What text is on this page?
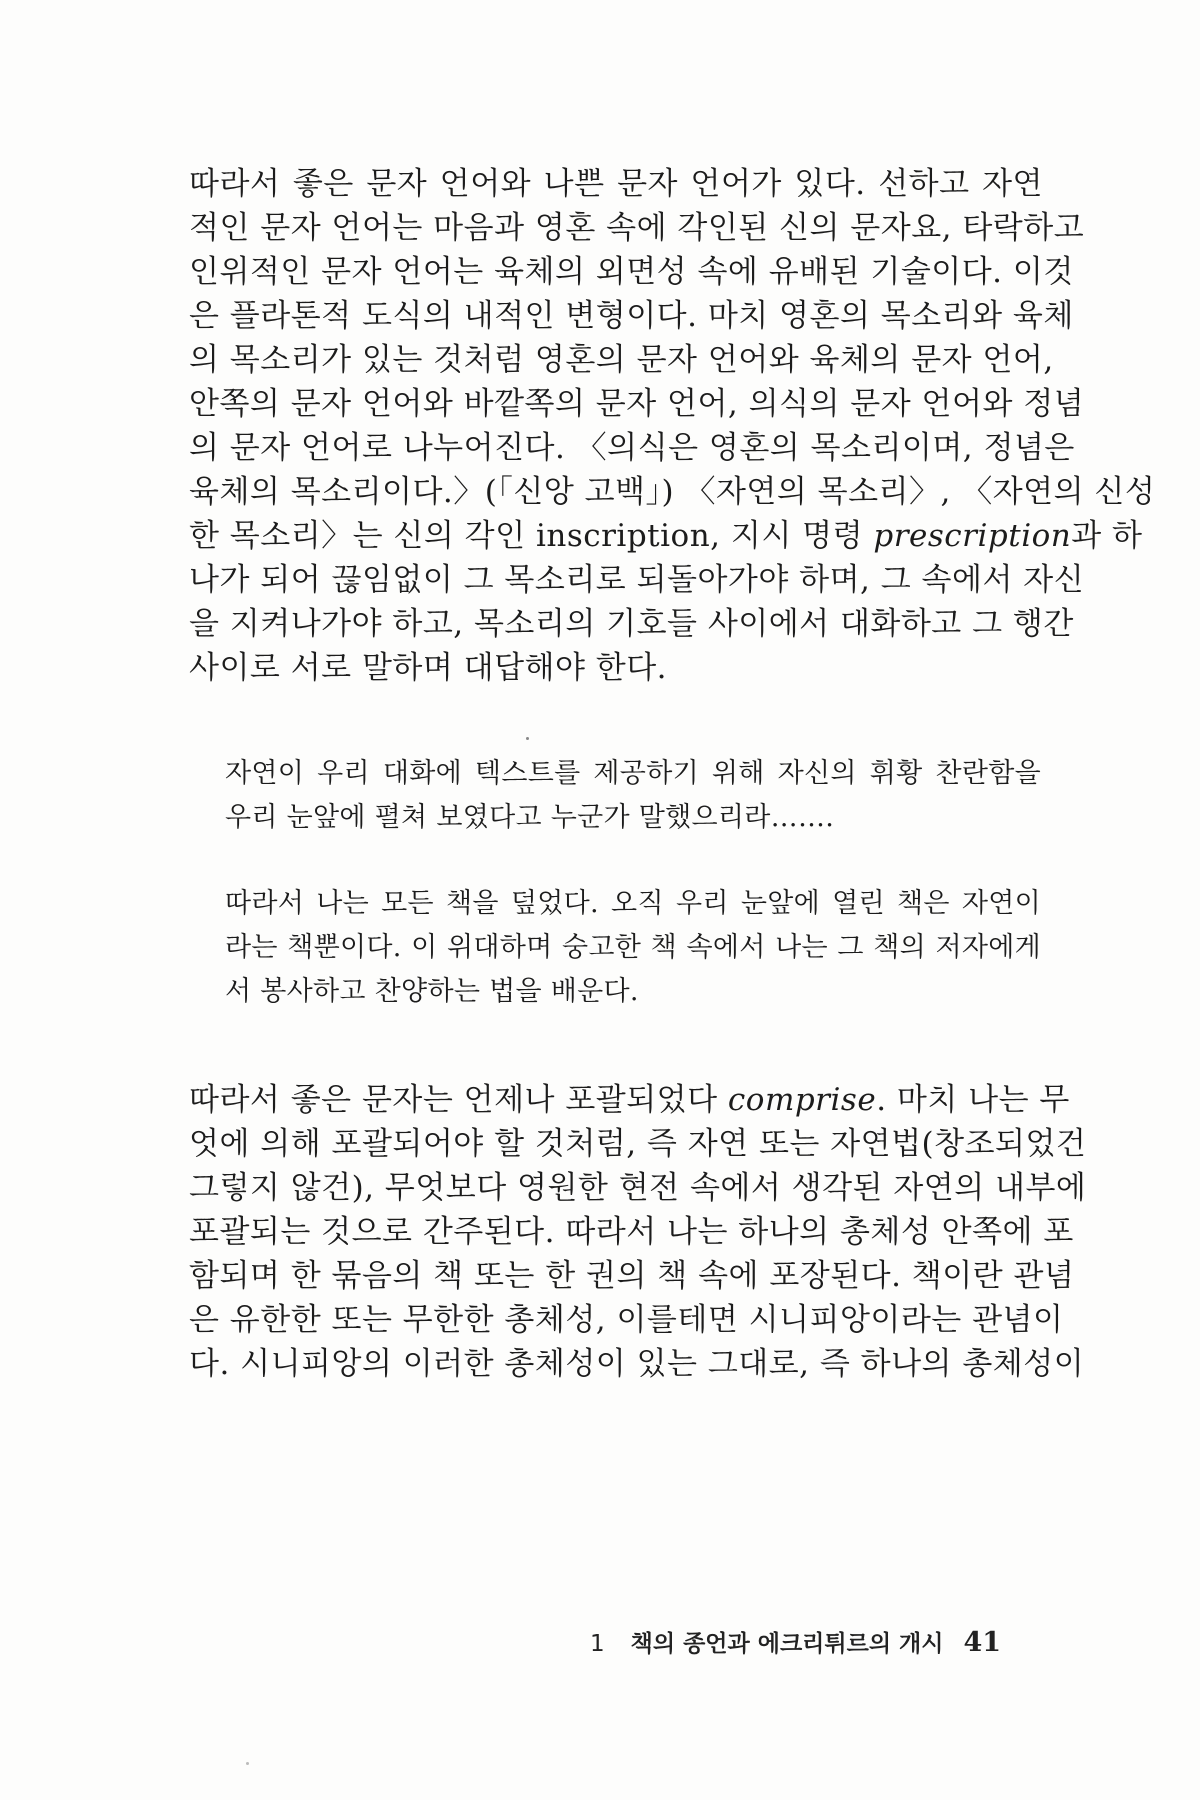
따라서 좋은 문자 언어와 나쁜 문자 언어가 있다. 선하고 자연
적인 문자 언어는 마음과 영혼 속에 각인된 신의 문자요, 타락하고
인위적인 문자 언어는 육체의 외면성 속에 유배된 기술이다. 이것
은 플라톤적 도식의 내적인 변형이다. 마치 영혼의 목소리와 육체
의 목소리가 있는 것처럼 영혼의 문자 언어와 육체의 문자 언어,
안쪽의 문자 언어와 바깥쪽의 문자 언어, 의식의 문자 언어와 정념
의 문자 언어로 나누어진다. 〈의식은 영혼의 목소리이며, 정념은
육체의 목소리이다.〉(「신앙 고백」) 〈자연의 목소리〉, 〈자연의 신성
한 목소리〉는 신의 각인 inscription, 지시 명령 prescription과 하
나가 되어 끊임없이 그 목소리로 되돌아가야 하며, 그 속에서 자신
을 지켜나가야 하고, 목소리의 기호들 사이에서 대화하고 그 행간
사이로 서로 말하며 대답해야 한다.
자연이 우리 대화에 텍스트를 제공하기 위해 자신의 휘황 찬란함을
우리 눈앞에 펼쳐 보였다고 누군가 말했으리라…….
따라서 나는 모든 책을 덮었다. 오직 우리 눈앞에 열린 책은 자연이
라는 책뿐이다. 이 위대하며 숭고한 책 속에서 나는 그 책의 저자에게
서 봉사하고 찬양하는 법을 배운다.
따라서 좋은 문자는 언제나 포괄되었다 comprise. 마치 나는 무
엇에 의해 포괄되어야 할 것처럼, 즉 자연 또는 자연법(창조되었건
그렇지 않건), 무엇보다 영원한 현전 속에서 생각된 자연의 내부에
포괄되는 것으로 간주된다. 따라서 나는 하나의 총체성 안쪽에 포
함되며 한 묶음의 책 또는 한 권의 책 속에 포장된다. 책이란 관념
은 유한한 또는 무한한 총체성, 이를테면 시니피앙이라는 관념이
다. 시니피앙의 이러한 총체성이 있는 그대로, 즉 하나의 총체성이
1 책의 종언과 에크리튀르의 개시 41
